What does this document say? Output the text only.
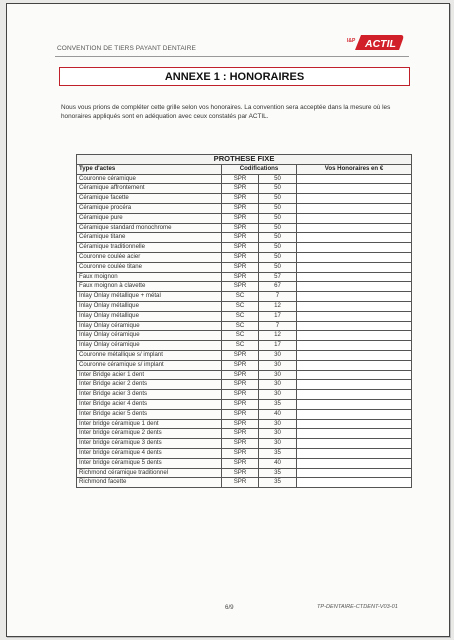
CONVENTION DE TIERS PAYANT DENTAIRE
I&P ACTIL
ANNEXE 1 : HONORAIRES
Nous vous prions de compléter cette grille selon vos honoraires. La convention sera acceptée dans la mesure où les honoraires appliqués sont en adéquation avec ceux constatés par ACTIL.
PROTHESE FIXE			
Type d'actes	Codifications		Vos Honoraires en €
Couronne céramique	SPR	50	
Céramique affrontement	SPR	50	
Céramique facette	SPR	50	
Céramique procéra	SPR	50	
Céramique pure	SPR	50	
Céramique standard monochrome	SPR	50	
Céramique titane	SPR	50	
Céramique traditionnelle	SPR	50	
Couronne coulée acier	SPR	50	
Couronne coulée titane	SPR	50	
Faux moignon	SPR	57	
Faux moignon à clavette	SPR	67	
Inlay Onlay métallique + métal	SC	7	
Inlay Onlay métallique	SC	12	
Inlay Onlay métallique	SC	17	
Inlay Onlay céramique	SC	7	
Inlay Onlay céramique	SC	12	
Inlay Onlay céramique	SC	17	
Couronne métallique s/ implant	SPR	30	
Couronne céramique s/ implant	SPR	30	
Inter Bridge acier 1 dent	SPR	30	
Inter Bridge acier 2 dents	SPR	30	
Inter Bridge acier 3 dents	SPR	30	
Inter Bridge acier 4 dents	SPR	35	
Inter Bridge acier 5 dents	SPR	40	
Inter bridge céramique 1 dent	SPR	30	
Inter bridge céramique 2 dents	SPR	30	
Inter bridge céramique 3 dents	SPR	30	
Inter bridge céramique 4 dents	SPR	35	
Inter bridge céramique 5 dents	SPR	40	
Richmond céramique traditionnel	SPR	35	
Richmond facette	SPR	35	
6/9	TP-DENTAIRE-CTDENT-V03-01
